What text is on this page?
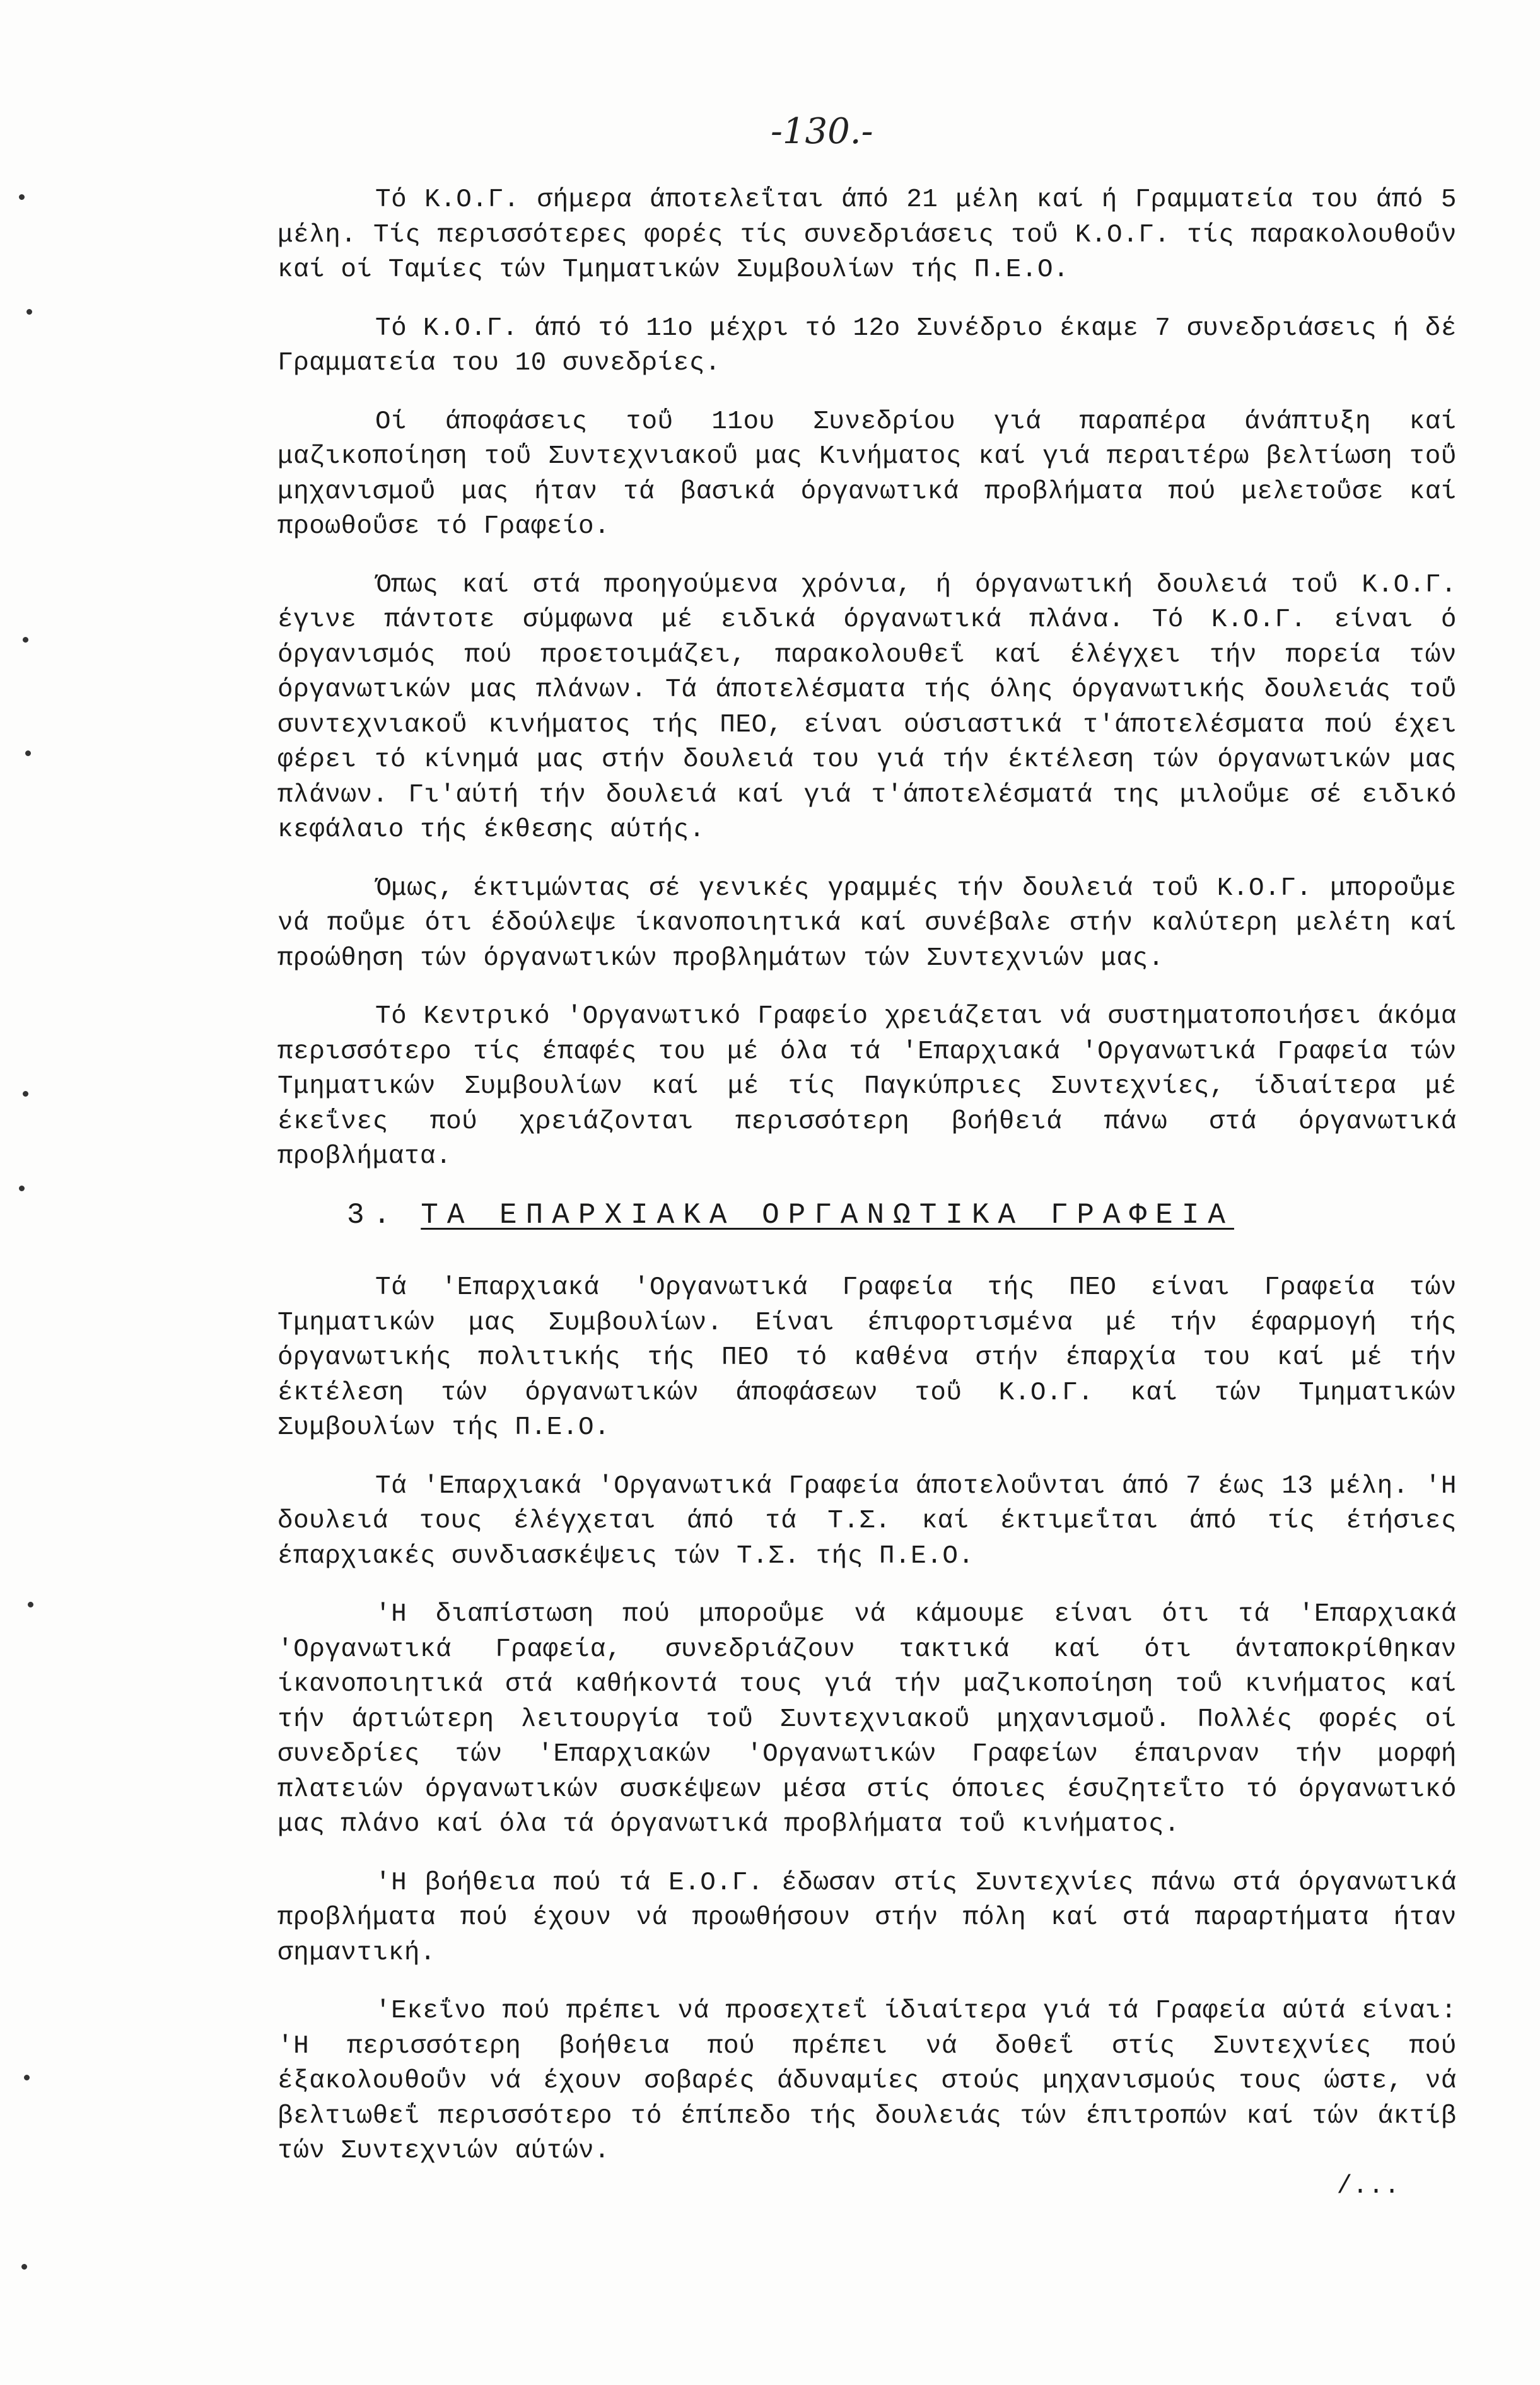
-130.-

Τό Κ.Ο.Γ. σήμερα άποτελεΐται άπό 21 μέλη καί ή Γραμματεία του άπό 5 μέλη. Τίς περισσότερες φορές τίς συνεδριάσεις τοΰ Κ.Ο.Γ. τίς παρακολουθοΰν καί οί Ταμίες τών Τμηματικών Συμβουλίων τής Π.Ε.Ο.

Τό Κ.Ο.Γ. άπό τό 11ο μέχρι τό 12ο Συνέδριο έκαμε 7 συνεδριάσεις ή δέ Γραμματεία του 10 συνεδρίες.

Οί άποφάσεις τοΰ 11ου Συνεδρίου γιά παραπέρα άνάπτυξη καί μαζικοποίηση τοΰ Συντεχνιακοΰ μας Κινήματος καί γιά περαιτέρω βελτίωση τοΰ μηχανισμοΰ μας ήταν τά βασικά όργανωτικά προβλήματα πού μελετοΰσε καί προωθοΰσε τό Γραφείο.

Όπως καί στά προηγούμενα χρόνια, ή όργανωτική δουλειά τοΰ Κ.Ο.Γ. έγινε πάντοτε σύμφωνα μέ ειδικά όργανωτικά πλάνα. Τό Κ.Ο.Γ. είναι ό όργανισμός πού προετοιμάζει, παρακολουθεΐ καί έλέγχει τήν πορεία τών όργανωτικών μας πλάνων. Τά άποτελέσματα τής όλης όργανωτικής δουλειάς τοΰ συντεχνιακοΰ κινήματος τής ΠΕΟ, είναι ούσιαστικά τ'άποτελέσματα πού έχει φέρει τό κίνημά μας στήν δουλειά του γιά τήν έκτέλεση τών όργανωτικών μας πλάνων. Γι'αύτή τήν δουλειά καί γιά τ'άποτελέσματά της μιλοΰμε σέ ειδικό κεφάλαιο τής έκθεσης αύτής.

Όμως, έκτιμώντας σέ γενικές γραμμές τήν δουλειά τοΰ Κ.Ο.Γ. μποροΰμε νά ποΰμε ότι έδούλεψε ίκανοποιητικά καί συνέβαλε στήν καλύτερη μελέτη καί προώθηση τών όργανωτικών προβλημάτων τών Συντεχνιών μας.

Τό Κεντρικό 'Οργανωτικό Γραφείο χρειάζεται νά συστηματοποιήσει άκόμα περισσότερο τίς έπαφές του μέ όλα τά 'Επαρχιακά 'Οργανωτικά Γραφεία τών Τμηματικών Συμβουλίων καί μέ τίς Παγκύπριες Συντεχνίες, ίδιαίτερα μέ έκεΐνες πού χρειάζονται περισσότερη βοήθειά πάνω στά όργανωτικά προβλήματα.

3. ΤΑ ΕΠΑΡΧΙΑΚΑ ΟΡΓΑΝΩΤΙΚΑ ΓΡΑΦΕΙΑ

Τά 'Επαρχιακά 'Οργανωτικά Γραφεία τής ΠΕΟ είναι Γραφεία τών Τμηματικών μας Συμβουλίων. Είναι έπιφορτισμένα μέ τήν έφαρμογή τής όργανωτικής πολιτικής τής ΠΕΟ τό καθένα στήν έπαρχία του καί μέ τήν έκτέλεση τών όργανωτικών άποφάσεων τοΰ Κ.Ο.Γ. καί τών Τμηματικών Συμβουλίων τής Π.Ε.Ο.

Τά 'Επαρχιακά 'Οργανωτικά Γραφεία άποτελοΰνται άπό 7 έως 13 μέλη. 'Η δουλειά τους έλέγχεται άπό τά Τ.Σ. καί έκτιμεΐται άπό τίς έτήσιες έπαρχιακές συνδιασκέψεις τών Τ.Σ. τής Π.Ε.Ο.

'Η διαπίστωση πού μποροΰμε νά κάμουμε είναι ότι τά 'Επαρχιακά 'Οργανωτικά Γραφεία, συνεδριάζουν τακτικά καί ότι άνταποκρίθηκαν ίκανοποιητικά στά καθήκοντά τους γιά τήν μαζικοποίηση τοΰ κινήματος καί τήν άρτιώτερη λειτουργία τοΰ Συντεχνιακοΰ μηχανισμοΰ. Πολλές φορές οί συνεδρίες τών 'Επαρχιακών 'Οργανωτικών Γραφείων έπαιρναν τήν μορφή πλατειών όργανωτικών συσκέψεων μέσα στίς όποιες έσυζητεΐτο τό όργανωτικό μας πλάνο καί όλα τά όργανωτικά προβλήματα τοΰ κινήματος.

'Η βοήθεια πού τά Ε.Ο.Γ. έδωσαν στίς Συντεχνίες πάνω στά όργανωτικά προβλήματα πού έχουν νά προωθήσουν στήν πόλη καί στά παραρτήματα ήταν σημαντική.

'Εκεΐνο πού πρέπει νά προσεχτεΐ ίδιαίτερα γιά τά Γραφεία αύτά είναι: 'Η περισσότερη βοήθεια πού πρέπει νά δοθεΐ στίς Συντεχνίες πού έξακολουθοΰν νά έχουν σοβαρές άδυναμίες στούς μηχανισμούς τους ώστε, νά βελτιωθεΐ περισσότερο τό έπίπεδο τής δουλειάς τών έπιτροπών καί τών άκτίβ τών Συντεχνιών αύτών.

/...
